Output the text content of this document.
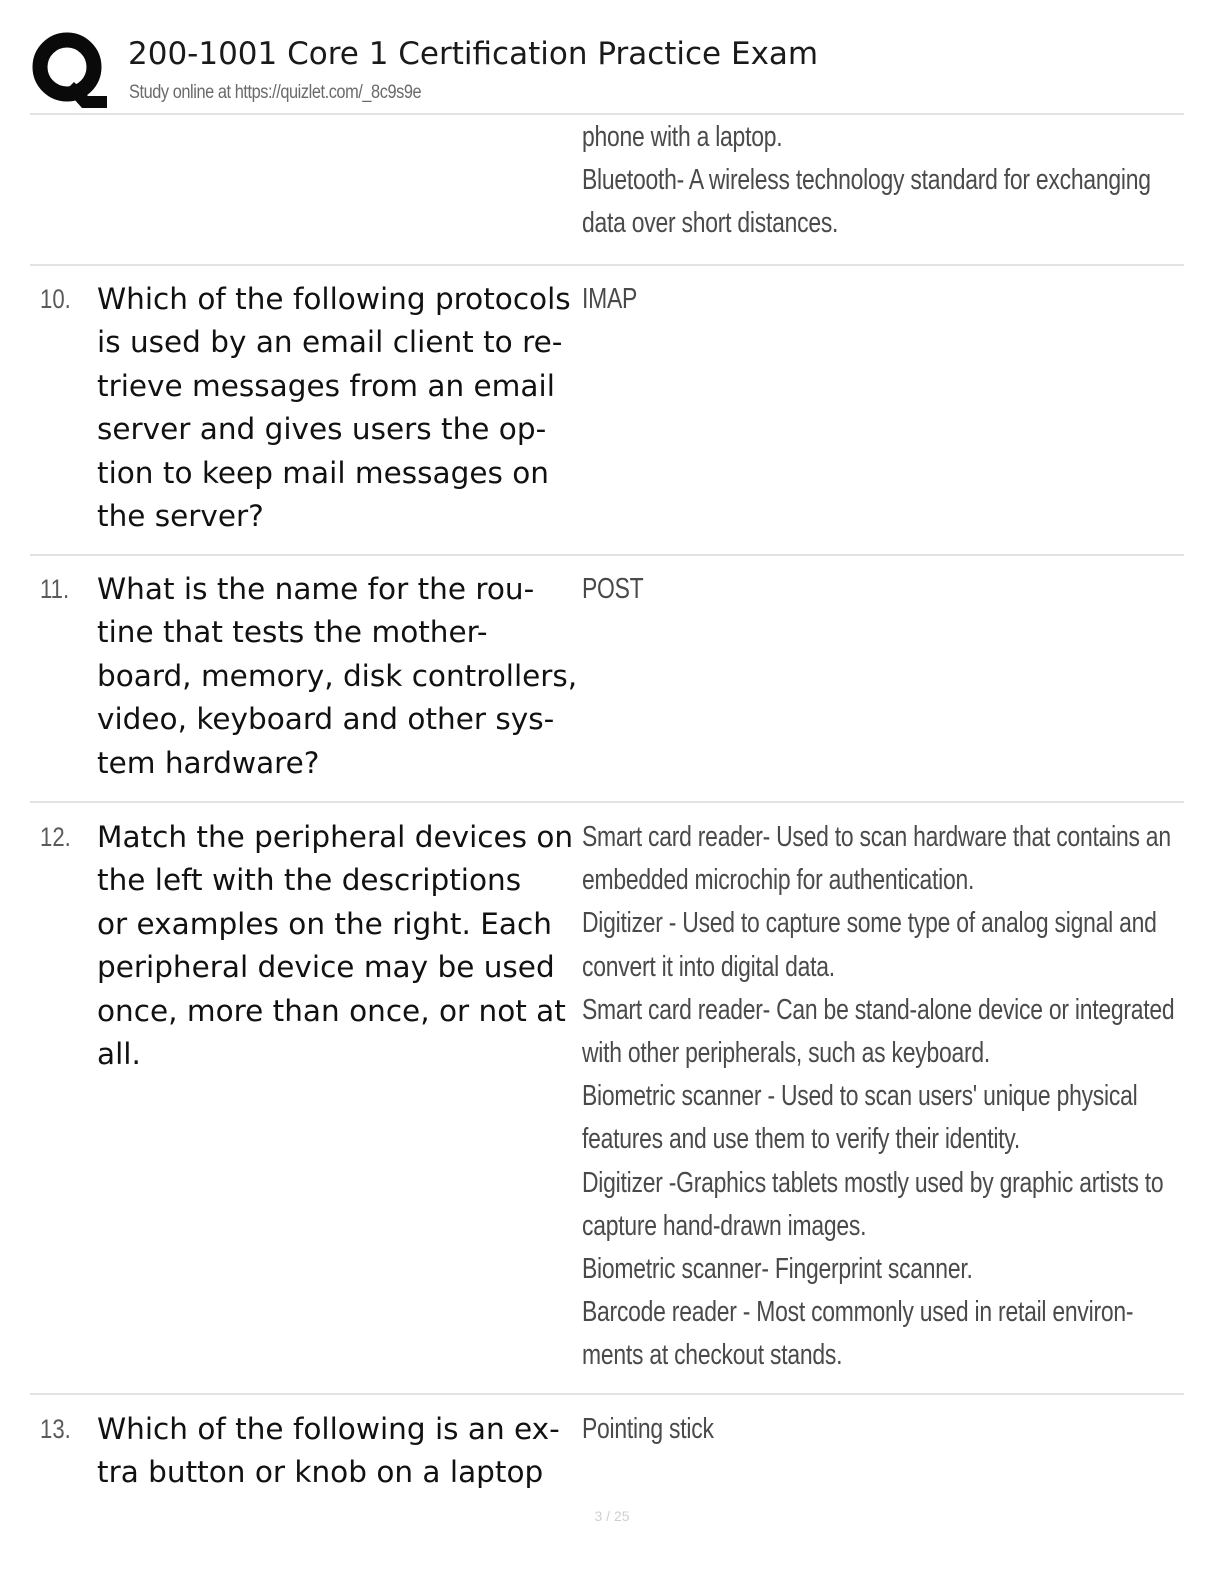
200-1001 Core 1 Certification Practice Exam
Study online at https://quizlet.com/_8c9s9e
phone with a laptop.
Bluetooth- A wireless technology standard for exchanging
data over short distances.
10. Which of the following protocols
is used by an email client to re-
trieve messages from an email
server and gives users the op-
tion to keep mail messages on
the server?
IMAP
11. What is the name for the rou-
tine that tests the mother-
board, memory, disk controllers,
video, keyboard and other sys-
tem hardware?
POST
12. Match the peripheral devices on
the left with the descriptions
or examples on the right. Each
peripheral device may be used
once, more than once, or not at
all.
Smart card reader- Used to scan hardware that contains an
embedded microchip for authentication.
Digitizer - Used to capture some type of analog signal and
convert it into digital data.
Smart card reader- Can be stand-alone device or integrated
with other peripherals, such as keyboard.
Biometric scanner - Used to scan users' unique physical
features and use them to verify their identity.
Digitizer -Graphics tablets mostly used by graphic artists to
capture hand-drawn images.
Biometric scanner- Fingerprint scanner.
Barcode reader - Most commonly used in retail environ-
ments at checkout stands.
13. Which of the following is an ex-
tra button or knob on a laptop
Pointing stick
3 / 25
